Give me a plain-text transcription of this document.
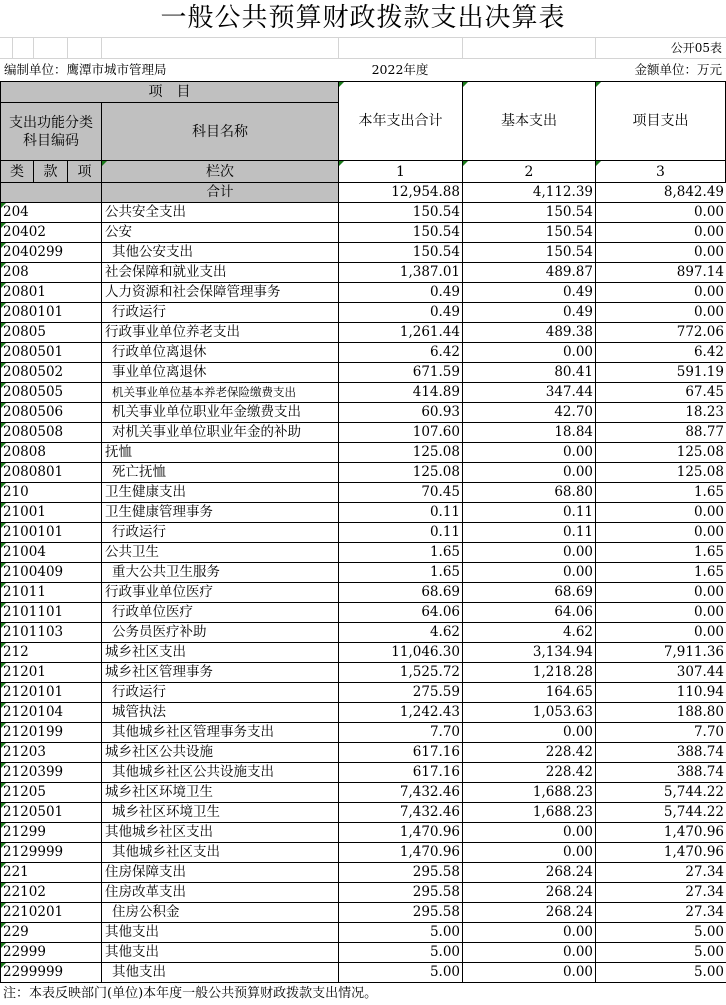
一般公共预算财政拨款支出决算表
公开05表
编制单位：鹰潭市城市管理局	2022年度	金额单位：万元
项　目
支出功能分类科目编码
科目名称
本年支出合计	基本支出	项目支出
类	款	项	栏次	1	2	3
合计	12,954.88	4,112.39	8,842.49
204	公共安全支出	150.54	150.54	0.00
20402	公安	150.54	150.54	0.00
2040299	其他公安支出	150.54	150.54	0.00
208	社会保障和就业支出	1,387.01	489.87	897.14
20801	人力资源和社会保障管理事务	0.49	0.49	0.00
2080101	行政运行	0.49	0.49	0.00
20805	行政事业单位养老支出	1,261.44	489.38	772.06
2080501	行政单位离退休	6.42	0.00	6.42
2080502	事业单位离退休	671.59	80.41	591.19
2080505	机关事业单位基本养老保险缴费支出	414.89	347.44	67.45
2080506	机关事业单位职业年金缴费支出	60.93	42.70	18.23
2080508	对机关事业单位职业年金的补助	107.60	18.84	88.77
20808	抚恤	125.08	0.00	125.08
2080801	死亡抚恤	125.08	0.00	125.08
210	卫生健康支出	70.45	68.80	1.65
21001	卫生健康管理事务	0.11	0.11	0.00
2100101	行政运行	0.11	0.11	0.00
21004	公共卫生	1.65	0.00	1.65
2100409	重大公共卫生服务	1.65	0.00	1.65
21011	行政事业单位医疗	68.69	68.69	0.00
2101101	行政单位医疗	64.06	64.06	0.00
2101103	公务员医疗补助	4.62	4.62	0.00
212	城乡社区支出	11,046.30	3,134.94	7,911.36
21201	城乡社区管理事务	1,525.72	1,218.28	307.44
2120101	行政运行	275.59	164.65	110.94
2120104	城管执法	1,242.43	1,053.63	188.80
2120199	其他城乡社区管理事务支出	7.70	0.00	7.70
21203	城乡社区公共设施	617.16	228.42	388.74
2120399	其他城乡社区公共设施支出	617.16	228.42	388.74
21205	城乡社区环境卫生	7,432.46	1,688.23	5,744.22
2120501	城乡社区环境卫生	7,432.46	1,688.23	5,744.22
21299	其他城乡社区支出	1,470.96	0.00	1,470.96
2129999	其他城乡社区支出	1,470.96	0.00	1,470.96
221	住房保障支出	295.58	268.24	27.34
22102	住房改革支出	295.58	268.24	27.34
2210201	住房公积金	295.58	268.24	27.34
229	其他支出	5.00	0.00	5.00
22999	其他支出	5.00	0.00	5.00
2299999	其他支出	5.00	0.00	5.00
注：本表反映部门(单位)本年度一般公共预算财政拨款支出情况。
